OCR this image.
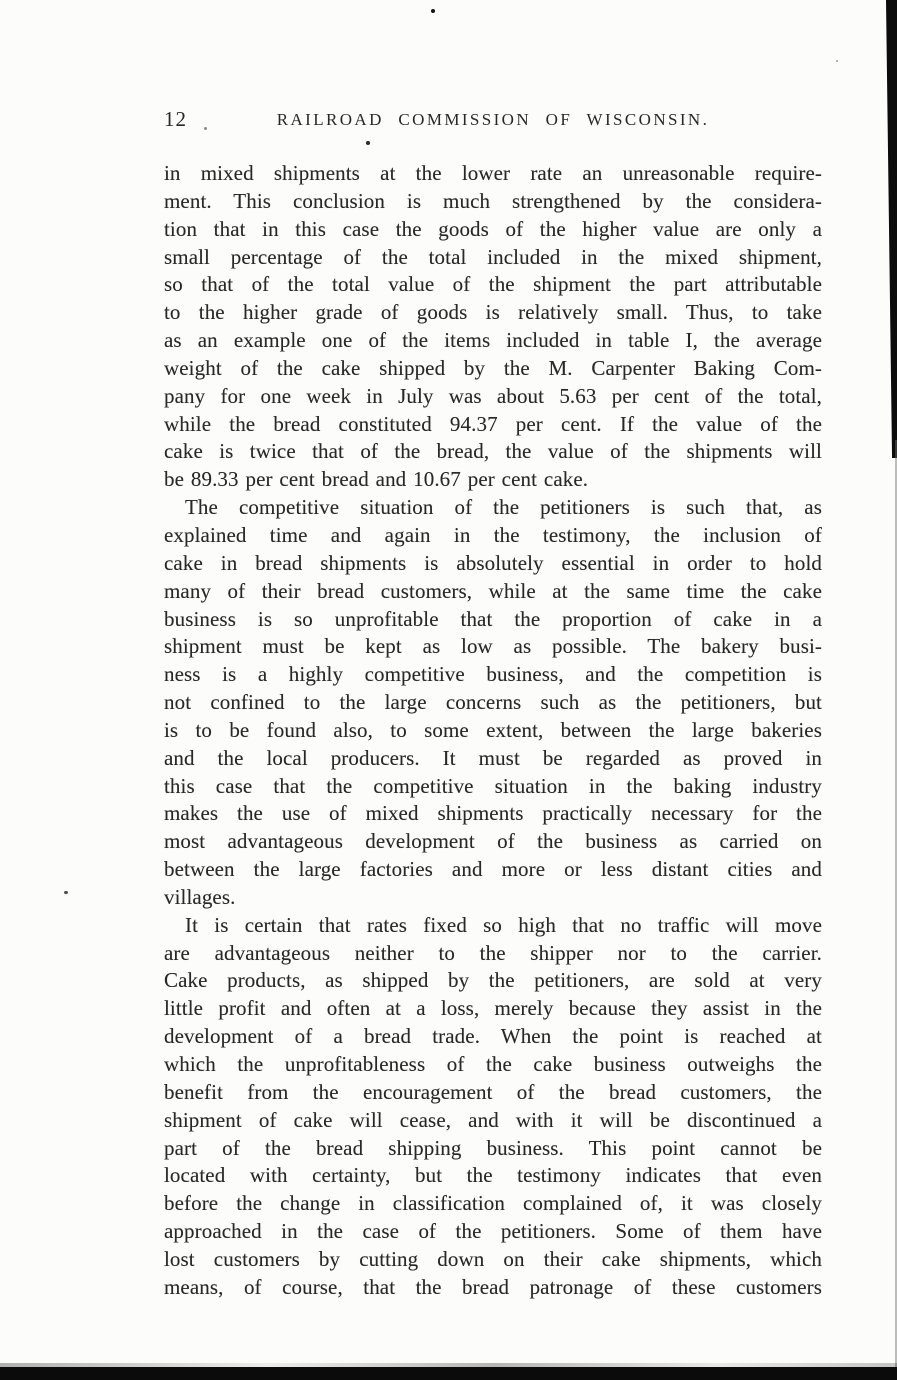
12	RAILROAD COMMISSION OF WISCONSIN.
in mixed shipments at the lower rate an unreasonable require-
ment. This conclusion is much strengthened by the considera-
tion that in this case the goods of the higher value are only a
small percentage of the total included in the mixed shipment,
so that of the total value of the shipment the part attributable
to the higher grade of goods is relatively small. Thus, to take
as an example one of the items included in table I, the average
weight of the cake shipped by the M. Carpenter Baking Com-
pany for one week in July was about 5.63 per cent of the total,
while the bread constituted 94.37 per cent. If the value of the
cake is twice that of the bread, the value of the shipments will
be 89.33 per cent bread and 10.67 per cent cake.
The competitive situation of the petitioners is such that, as
explained time and again in the testimony, the inclusion of
cake in bread shipments is absolutely essential in order to hold
many of their bread customers, while at the same time the cake
business is so unprofitable that the proportion of cake in a
shipment must be kept as low as possible. The bakery busi-
ness is a highly competitive business, and the competition is
not confined to the large concerns such as the petitioners, but
is to be found also, to some extent, between the large bakeries
and the local producers. It must be regarded as proved in
this case that the competitive situation in the baking industry
makes the use of mixed shipments practically necessary for the
most advantageous development of the business as carried on
between the large factories and more or less distant cities and
villages.
It is certain that rates fixed so high that no traffic will move
are advantageous neither to the shipper nor to the carrier.
Cake products, as shipped by the petitioners, are sold at very
little profit and often at a loss, merely because they assist in the
development of a bread trade. When the point is reached at
which the unprofitableness of the cake business outweighs the
benefit from the encouragement of the bread customers, the
shipment of cake will cease, and with it will be discontinued a
part of the bread shipping business. This point cannot be
located with certainty, but the testimony indicates that even
before the change in classification complained of, it was closely
approached in the case of the petitioners. Some of them have
lost customers by cutting down on their cake shipments, which
means, of course, that the bread patronage of these customers
